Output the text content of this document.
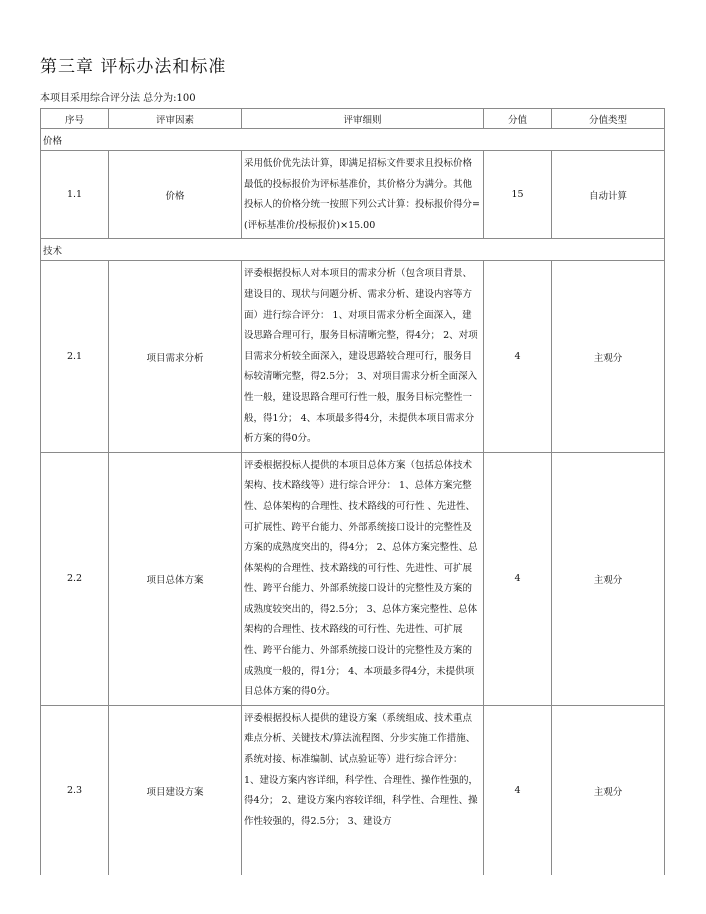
第三章 评标办法和标准
本项目采用综合评分法 总分为:100
序号	评审因素	评审细则	分值	分值类型
价格				
1.1	价格	采用低价优先法计算，即满足招标文件要求且投标价格最低的投标报价为评标基准价，其价格分为满分。其他投标人的价格分统一按照下列公式计算：投标报价得分=(评标基准价/投标报价)×15.00	15	自动计算
技术				
2.1	项目需求分析	评委根据投标人对本项目的需求分析（包含项目背景、建设目的、现状与问题分析、需求分析、建设内容等方面）进行综合评分： 1、对项目需求分析全面深入，建设思路合理可行，服务目标清晰完整，得4分； 2、对项目需求分析较全面深入，建设思路较合理可行，服务目标较清晰完整，得2.5分； 3、对项目需求分析全面深入性一般，建设思路合理可行性一般，服务目标完整性一般，得1分； 4、本项最多得4分，未提供本项目需求分析方案的得0分。	4	主观分
2.2	项目总体方案	评委根据投标人提供的本项目总体方案（包括总体技术架构、技术路线等）进行综合评分： 1、总体方案完整性、总体架构的合理性、技术路线的可行性 、先进性、可扩展性、跨平台能力、外部系统接口设计的完整性及方案的成熟度突出的，得4分； 2、总体方案完整性、总体架构的合理性、技术路线的可行性、先进性、可扩展性、跨平台能力、外部系统接口设计的完整性及方案的成熟度较突出的，得2.5分； 3、总体方案完整性、总体架构的合理性、技术路线的可行性、先进性、可扩展性、跨平台能力、外部系统接口设计的完整性及方案的成熟度一般的，得1分； 4、本项最多得4分，未提供项目总体方案的得0分。	4	主观分
2.3	项目建设方案	评委根据投标人提供的建设方案（系统组成、技术重点难点分析、关键技术/算法流程图、分步实施工作措施、系统对接、标准编制、试点验证等）进行综合评分： 1、建设方案内容详细，科学性、合理性、操作性强的，得4分； 2、建设方案内容较详细，科学性、合理性、操作性较强的，得2.5分； 3、建设方	4	主观分
